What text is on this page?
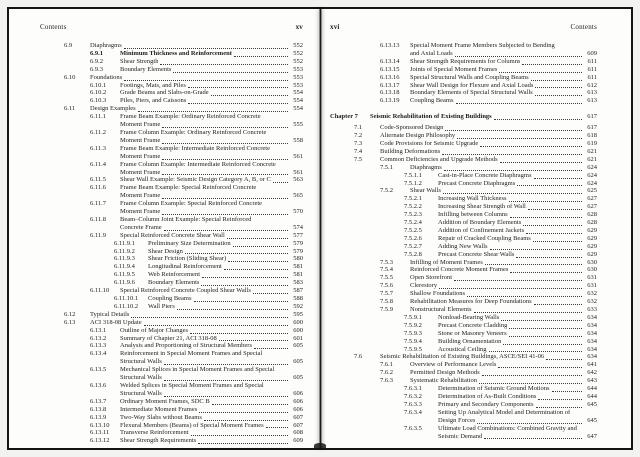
Contents	xv
6.9	Diaphragms	552
6.9.1	Minimum Thickness and Reinforcement	552
6.9.2	Shear Strength	552
6.9.3	Boundary Elements	553
6.10	Foundations	553
6.10.1	Footings, Mats, and Piles	553
6.10.2	Grade Beams and Slabs-on-Grade	554
6.10.3	Piles, Piers, and Caissons	554
6.11	Design Examples	554
6.11.1	Frame Beam Example: Ordinary Reinforced Concrete
Moment Frame	555
6.11.2	Frame Column Example: Ordinary Reinforced Concrete
Moment Frame	558
6.11.3	Frame Beam Example: Intermediate Reinforced Concrete
Moment Frame	561
6.11.4	Frame Column Example: Intermediate Reinforced Concrete
Moment Frame	561
6.11.5	Shear Wall Example: Seismic Design Category A, B, or C	563
6.11.6	Frame Beam Example: Special Reinforced Concrete
Moment Frame	565
6.11.7	Frame Column Example: Special Reinforced Concrete
Moment Frame	570
6.11.8	Beam–Column Joint Example: Special Reinforced
Concrete Frame	574
6.11.9	Special Reinforced Concrete Shear Wall	577
6.11.9.1	Preliminary Size Determination	579
6.11.9.2	Shear Design	579
6.11.9.3	Shear Friction (Sliding Shear)	580
6.11.9.4	Longitudinal Reinforcement	581
6.11.9.5	Web Reinforcement	581
6.11.9.6	Boundary Elements	583
6.11.10	Special Reinforced Concrete Coupled Shear Walls	587
6.11.10.1	Coupling Beams	588
6.11.10.2	Wall Piers	592
6.12	Typical Details	595
6.13	ACI 318-08 Update	600
6.13.1	Outline of Major Changes	600
6.13.2	Summary of Chapter 21, ACI 318-08	601
6.13.3	Analysis and Proportioning of Structural Members	605
6.13.4	Reinforcement in Special Moment Frames and Special
Structural Walls	605
6.13.5	Mechanical Splices in Special Moment Frames and Special
Structural Walls	605
6.13.6	Welded Splices in Special Moment Frames and Special
Structural Walls	606
6.13.7	Ordinary Moment Frames, SDC B	606
6.13.8	Intermediate Moment Frames	606
6.13.9	Two-Way Slabs without Beams	607
6.13.10	Flexural Members (Beams) of Special Moment Frames	607
6.13.11	Transverse Reinforcement	608
6.13.12	Shear Strength Requirements	609
xvi	Contents
6.13.13	Special Moment Frame Members Subjected to Bending
and Axial Loads	609
6.13.14	Shear Strength Requirements for Columns	611
6.13.15	Joints of Special Moment Frames	611
6.13.16	Special Structural Walls and Coupling Beams	611
6.13.17	Shear Wall Design for Flexure and Axial Loads	612
6.13.18	Boundary Elements of Special Structural Walls	613
6.13.19	Coupling Beams	613
Chapter 7	Seismic Rehabilitation of Existing Buildings	617
7.1	Code-Sponsored Design	617
7.2	Alternate Design Philosophy	618
7.3	Code Provisions for Seismic Upgrade	619
7.4	Building Deformations	621
7.5	Common Deficiencies and Upgrade Methods	621
7.5.1	Diaphragms	624
7.5.1.1	Cast-in-Place Concrete Diaphragms	624
7.5.1.2	Precast Concrete Diaphragms	624
7.5.2	Shear Walls	625
7.5.2.1	Increasing Wall Thickness	627
7.5.2.2	Increasing Shear Strength of Wall	627
7.5.2.3	Infilling between Columns	628
7.5.2.4	Addition of Boundary Elements	628
7.5.2.5	Addition of Confinement Jackets	629
7.5.2.6	Repair of Cracked Coupling Beams	629
7.5.2.7	Adding New Walls	629
7.5.2.8	Precast Concrete Shear Walls	629
7.5.3	Infilling of Moment Frames	630
7.5.4	Reinforced Concrete Moment Frames	630
7.5.5	Open Storefront	631
7.5.6	Clerestory	631
7.5.7	Shallow Foundations	632
7.5.8	Rehabilitation Measures for Deep Foundations	632
7.5.9	Nonstructural Elements	633
7.5.9.1	Nonload-Bearing Walls	634
7.5.9.2	Precast Concrete Cladding	634
7.5.9.3	Stone or Masonry Veneers	634
7.5.9.4	Building Ornamentation	634
7.5.9.5	Acoustical Ceiling	634
7.6	Seismic Rehabilitation of Existing Buildings, ASCE/SEI 41-06	634
7.6.1	Overview of Performance Levels	641
7.6.2	Permitted Design Methods	642
7.6.3	Systematic Rehabilitation	643
7.6.3.1	Determination of Seismic Ground Motions	644
7.6.3.2	Determination of As-Built Conditions	644
7.6.3.3	Primary and Secondary Components	645
7.6.3.4	Setting Up Analytical Model and Determination of
Design Forces	645
7.6.3.5	Ultimate Load Combinations: Combined Gravity and
Seismic Demand	647
